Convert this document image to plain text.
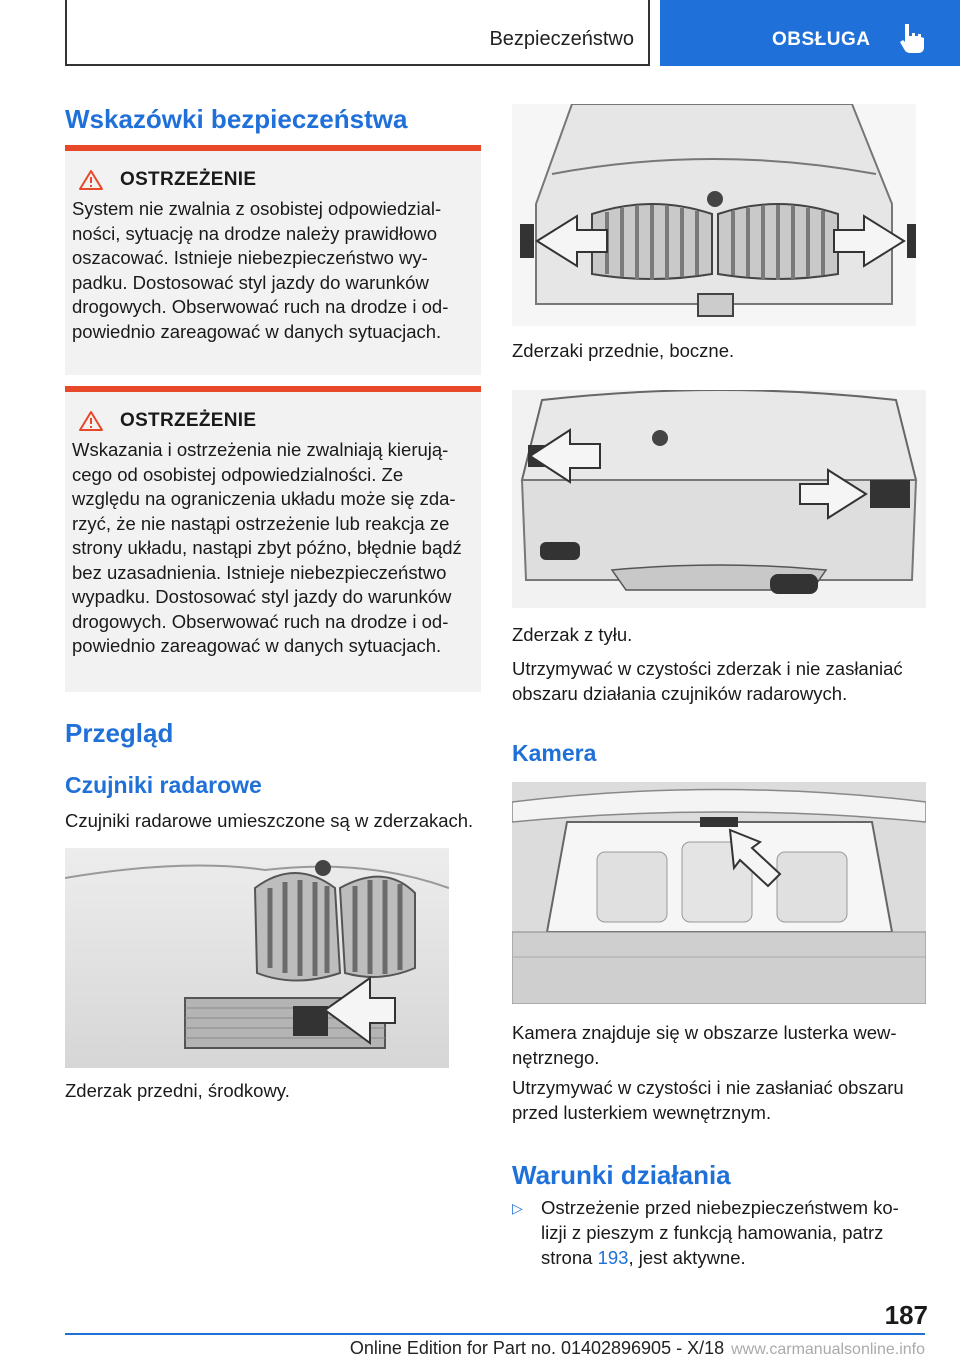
Bezpieczeństwo	OBSŁUGA
Wskazówki bezpieczeństwa
OSTRZEŻENIE
System nie zwalnia z osobistej odpowiedzial-
ności, sytuację na drodze należy prawidłowo
oszacować. Istnieje niebezpieczeństwo wy-
padku. Dostosować styl jazdy do warunków
drogowych. Obserwować ruch na drodze i od-
powiednio zareagować w danych sytuacjach.
OSTRZEŻENIE
Wskazania i ostrzeżenia nie zwalniają kierują-
cego od osobistej odpowiedzialności. Ze
względu na ograniczenia układu może się zda-
rzyć, że nie nastąpi ostrzeżenie lub reakcja ze
strony układu, nastąpi zbyt późno, błędnie bądź
bez uzasadnienia. Istnieje niebezpieczeństwo
wypadku. Dostosować styl jazdy do warunków
drogowych. Obserwować ruch na drodze i od-
powiednio zareagować w danych sytuacjach.
Przegląd
Czujniki radarowe
Czujniki radarowe umieszczone są w zderzakach.
Zderzak przedni, środkowy.
Zderzaki przednie, boczne.
Zderzak z tyłu.
Utrzymywać w czystości zderzak i nie zasłaniać
obszaru działania czujników radarowych.
Kamera
Kamera znajduje się w obszarze lusterka wew-
nętrznego.
Utrzymywać w czystości i nie zasłaniać obszaru
przed lusterkiem wewnętrznym.
Warunki działania
▷ Ostrzeżenie przed niebezpieczeństwem ko-
lizji z pieszym z funkcją hamowania, patrz
strona 193, jest aktywne.
187
Online Edition for Part no. 01402896905 - X/18 www.carmanualsonline.info
